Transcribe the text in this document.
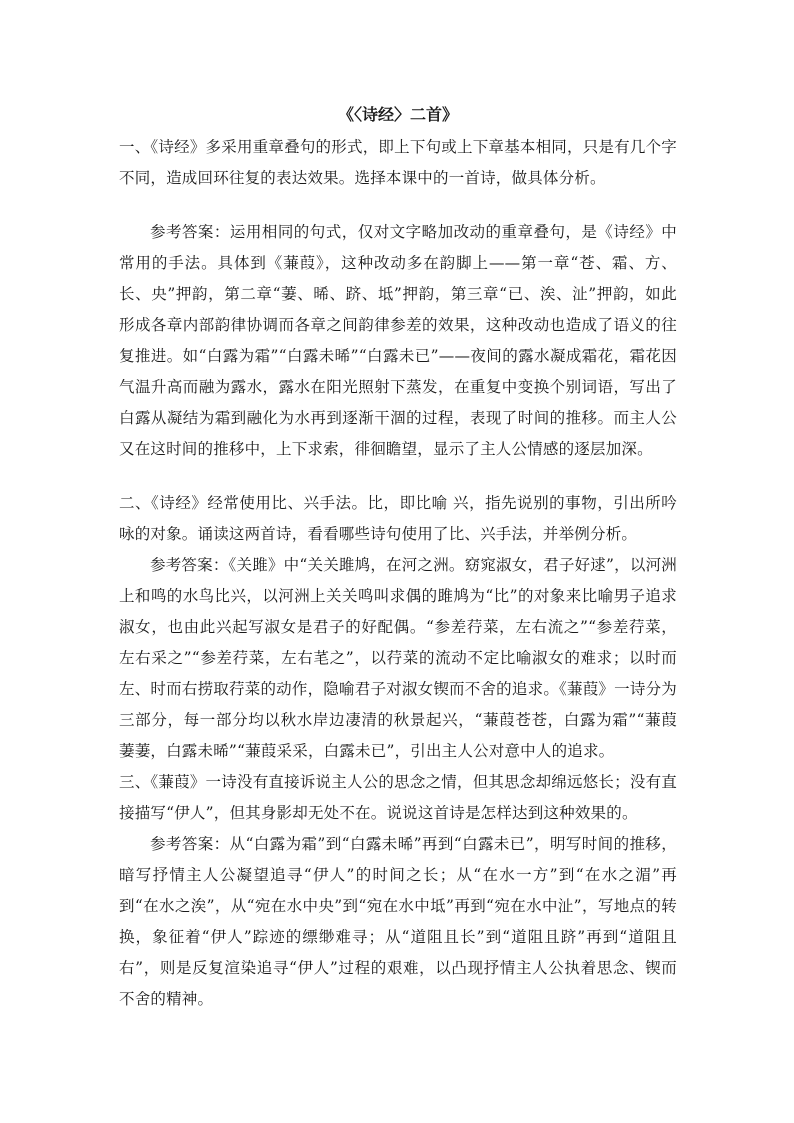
《〈诗经〉二首》

一、《诗经》多采用重章叠句的形式，即上下句或上下章基本相同，只是有几个字不同，造成回环往复的表达效果。选择本课中的一首诗，做具体分析。

参考答案：运用相同的句式，仅对文字略加改动的重章叠句，是《诗经》中常用的手法。具体到《蒹葭》，这种改动多在韵脚上——第一章“苍、霜、方、长、央”押韵，第二章“萋、晞、跻、坻”押韵，第三章“已、涘、沚”押韵，如此形成各章内部韵律协调而各章之间韵律参差的效果，这种改动也造成了语义的往复推进。如“白露为霜”“白露未晞”“白露未已”——夜间的露水凝成霜花，霜花因气温升高而融为露水，露水在阳光照射下蒸发，在重复中变换个别词语，写出了白露从凝结为霜到融化为水再到逐渐干涸的过程，表现了时间的推移。而主人公又在这时间的推移中，上下求索，徘徊瞻望，显示了主人公情感的逐层加深。

二、《诗经》经常使用比、兴手法。比，即比喻 兴，指先说别的事物，引出所吟咏的对象。诵读这两首诗，看看哪些诗句使用了比、兴手法，并举例分析。

参考答案：《关雎》中“关关雎鸠，在河之洲。窈窕淑女，君子好逑”，以河洲上和鸣的水鸟比兴，以河洲上关关鸣叫求偶的雎鸠为“比”的对象来比喻男子追求淑女，也由此兴起写淑女是君子的好配偶。“参差荇菜，左右流之”“参差荇菜，左右采之”“参差荇菜，左右芼之”，以荇菜的流动不定比喻淑女的难求；以时而左、时而右捞取荇菜的动作，隐喻君子对淑女锲而不舍的追求。《蒹葭》一诗分为三部分，每一部分均以秋水岸边凄清的秋景起兴，“蒹葭苍苍，白露为霜”“蒹葭萋萋，白露未晞”“蒹葭采采，白露未已”，引出主人公对意中人的追求。

三、《蒹葭》一诗没有直接诉说主人公的思念之情，但其思念却绵远悠长；没有直接描写“伊人”，但其身影却无处不在。说说这首诗是怎样达到这种效果的。

参考答案：从“白露为霜”到“白露未晞”再到“白露未已”，明写时间的推移，暗写抒情主人公凝望追寻“伊人”的时间之长；从“在水一方”到“在水之湄”再到“在水之涘”，从“宛在水中央”到“宛在水中坻”再到“宛在水中沚”，写地点的转换，象征着“伊人”踪迹的缥缈难寻；从“道阻且长”到“道阻且跻”再到“道阻且右”，则是反复渲染追寻“伊人”过程的艰难，以凸现抒情主人公执着思念、锲而不舍的精神。
